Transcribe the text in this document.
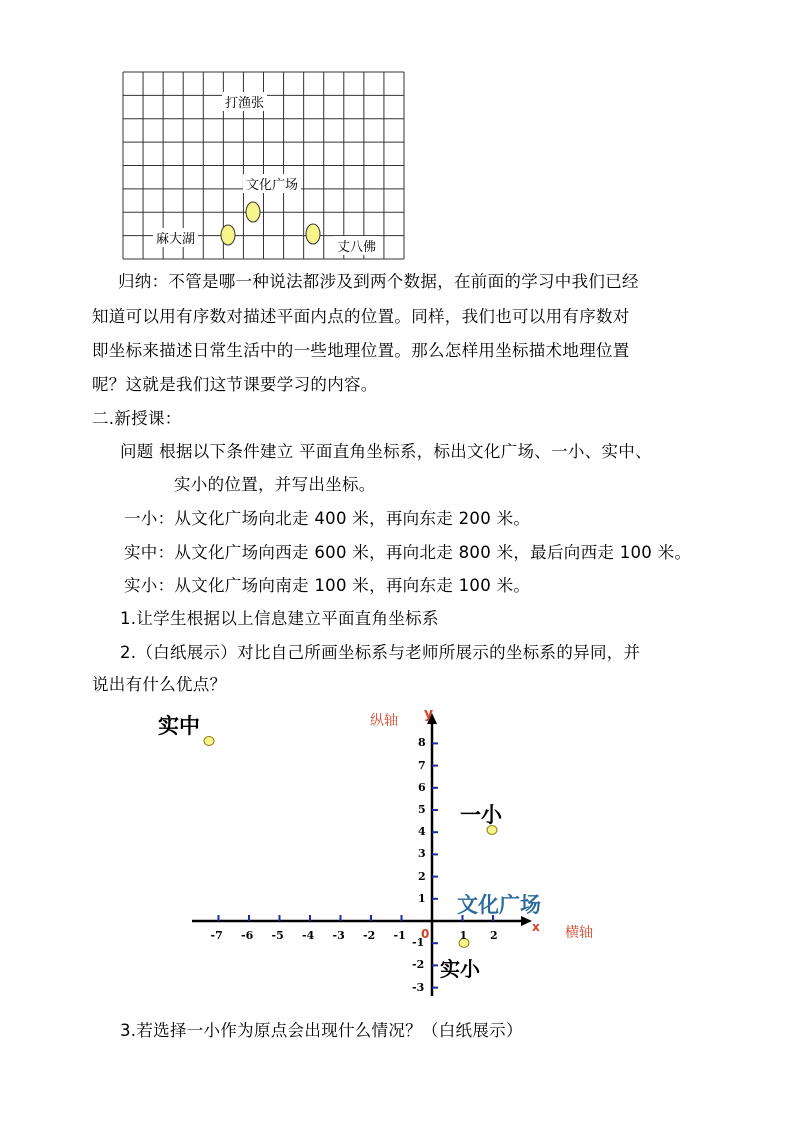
打渔张
文化广场
麻大湖
丈八佛
归纳：不管是哪一种说法都涉及到两个数据，在前面的学习中我们已经
知道可以用有序数对描述平面内点的位置。同样，我们也可以用有序数对
即坐标来描述日常生活中的一些地理位置。那么怎样用坐标描术地理位置
呢？这就是我们这节课要学习的内容。
二.新授课：
问题 根据以下条件建立 平面直角坐标系，标出文化广场、一小、实中、
实小的位置，并写出坐标。
一小：从文化广场向北走 400 米，再向东走 200 米。
实中：从文化广场向西走 600 米，再向北走 800 米，最后向西走 100 米。
实小：从文化广场向南走 100 米，再向东走 100 米。
1.让学生根据以上信息建立平面直角坐标系
2.（白纸展示）对比自己所画坐标系与老师所展示的坐标系的异同，并
说出有什么优点？
实中
一小
文化广场
实小
纵轴 y
横轴
x
0
-7 -6 -5 -4 -3 -2 -1	1 2
8
7
6
5
4
3
2
1
-1
-2
-3
3.若选择一小作为原点会出现什么情况？（白纸展示）
